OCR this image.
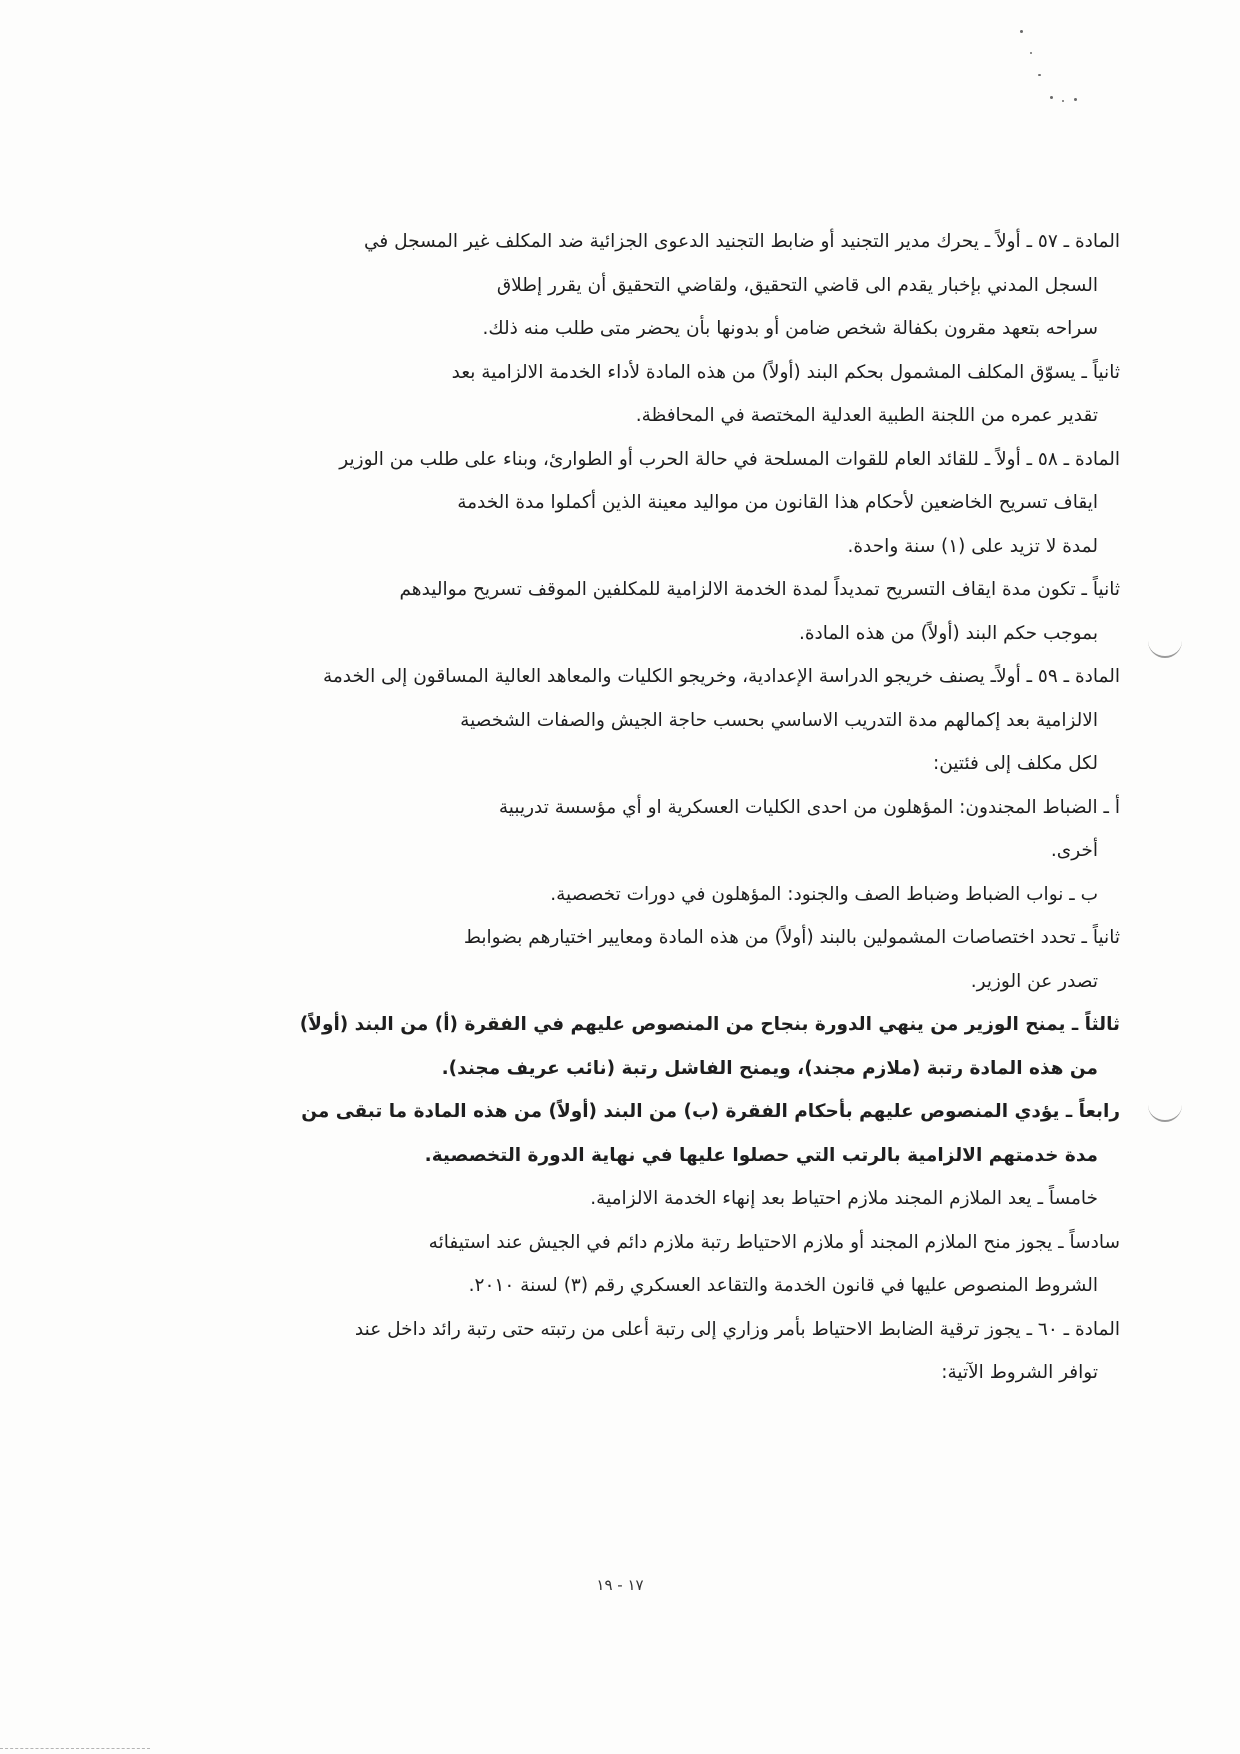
المادة ـ ٥٧ ـ أولاً ـ يحرك مدير التجنيد أو ضابط التجنيد الدعوى الجزائية ضد المكلف غير المسجل في

السجل المدني بإخبار يقدم الى قاضي التحقيق، ولقاضي التحقيق أن يقرر إطلاق

سراحه بتعهد مقرون بكفالة شخص ضامن أو بدونها بأن يحضر متى طلب منه ذلك.

ثانياً ـ يسوّق المكلف المشمول بحكم البند (أولاً) من هذه المادة لأداء الخدمة الالزامية بعد

تقدير عمره من اللجنة الطبية العدلية المختصة في المحافظة.

المادة ـ ٥٨ ـ أولاً ـ للقائد العام للقوات المسلحة في حالة الحرب أو الطوارئ، وبناء على طلب من الوزير

ايقاف تسريح الخاضعين لأحكام هذا القانون من مواليد معينة الذين أكملوا مدة الخدمة

لمدة لا تزيد على (١) سنة واحدة.

ثانياً ـ تكون مدة ايقاف التسريح تمديداً لمدة الخدمة الالزامية للمكلفين الموقف تسريح مواليدهم

بموجب حكم البند (أولاً) من هذه المادة.

المادة ـ ٥٩ ـ أولاًـ يصنف خريجو الدراسة الإعدادية، وخريجو الكليات والمعاهد العالية المساقون إلى الخدمة

الالزامية بعد إكمالهم مدة التدريب الاساسي بحسب حاجة الجيش والصفات الشخصية

لكل مكلف إلى فئتين:

أ ـ الضباط المجندون: المؤهلون من احدى الكليات العسكرية او أي مؤسسة تدريبية

أخرى.

ب ـ نواب الضباط وضباط الصف والجنود: المؤهلون في دورات تخصصية.

ثانياً ـ تحدد اختصاصات المشمولين بالبند (أولاً) من هذه المادة ومعايير اختيارهم بضوابط

تصدر عن الوزير.

ثالثاً ـ يمنح الوزير من ينهي الدورة بنجاح من المنصوص عليهم في الفقرة (أ) من البند (أولاً)

من هذه المادة رتبة (ملازم مجند)، ويمنح الفاشل رتبة (نائب عريف مجند).

رابعاً ـ يؤدي المنصوص عليهم بأحكام الفقرة (ب) من البند (أولاً) من هذه المادة ما تبقى من

مدة خدمتهم الالزامية بالرتب التي حصلوا عليها في نهاية الدورة التخصصية.

خامساً ـ يعد الملازم المجند ملازم احتياط بعد إنهاء الخدمة الالزامية.

سادساً ـ يجوز منح الملازم المجند أو ملازم الاحتياط رتبة ملازم دائم في الجيش عند استيفائه

الشروط المنصوص عليها في قانون الخدمة والتقاعد العسكري رقم (٣) لسنة ٢٠١٠.

المادة ـ ٦٠ ـ يجوز ترقية الضابط الاحتياط بأمر وزاري إلى رتبة أعلى من رتبته حتى رتبة رائد داخل عند

توافر الشروط الآتية:

١٧ - ١٩
